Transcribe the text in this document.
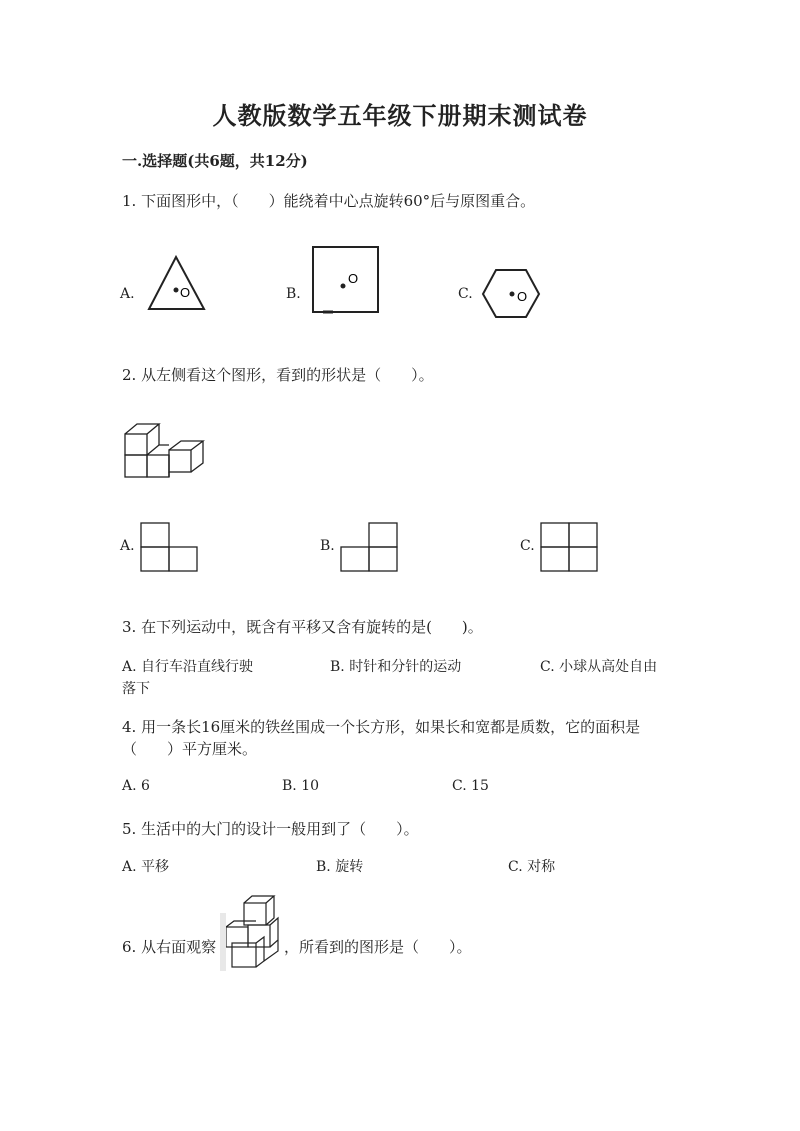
人教版数学五年级下册期末测试卷
一.选择题(共6题，共12分)
1. 下面图形中，（　　）能绕着中心点旋转60°后与原图重合。
A.	O	B.
O
C.	O
2. 从左侧看这个图形，看到的形状是（　　）。
A.	B.	C.
3. 在下列运动中，既含有平移又含有旋转的是(　　)。
A. 自行车沿直线行驶	B. 时针和分针的运动	C. 小球从高处自由
落下
4. 用一条长16厘米的铁丝围成一个长方形，如果长和宽都是质数，它的面积是
（　　）平方厘米。
A. 6	B. 10	C. 15
5. 生活中的大门的设计一般用到了（　　）。
A. 平移	B. 旋转	C. 对称
6. 从右面观察	，所看到的图形是（　　）。
